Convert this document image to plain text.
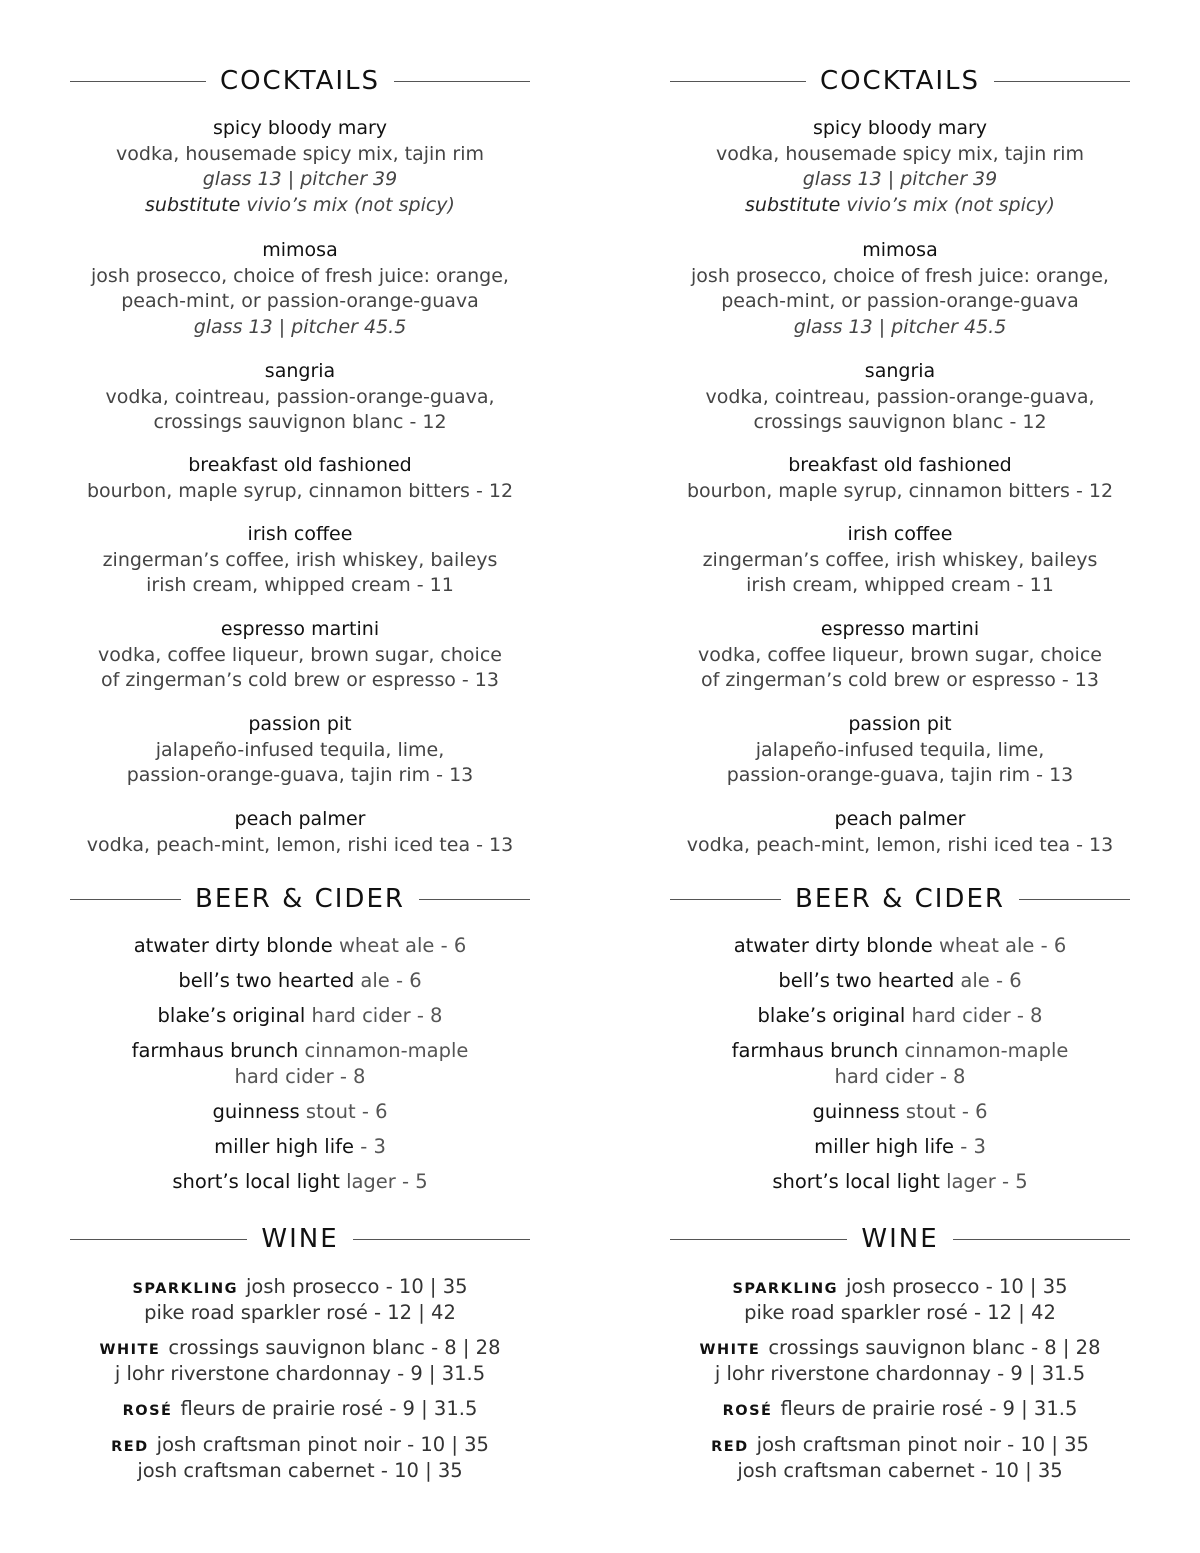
COCKTAILS
spicy bloody mary
vodka, housemade spicy mix, tajin rim
glass 13 | pitcher 39
substitute vivio’s mix (not spicy)
mimosa
josh prosecco, choice of fresh juice: orange,
peach-mint, or passion-orange-guava
glass 13 | pitcher 45.5
sangria
vodka, cointreau, passion-orange-guava,
crossings sauvignon blanc - 12
breakfast old fashioned
bourbon, maple syrup, cinnamon bitters - 12
irish coffee
zingerman’s coffee, irish whiskey, baileys
irish cream, whipped cream - 11
espresso martini
vodka, coffee liqueur, brown sugar, choice
of zingerman’s cold brew or espresso - 13
passion pit
jalapeño-infused tequila, lime,
passion-orange-guava, tajin rim - 13
peach palmer
vodka, peach-mint, lemon, rishi iced tea - 13
BEER & CIDER
atwater dirty blonde wheat ale - 6
bell’s two hearted ale - 6
blake’s original hard cider - 8
farmhaus brunch cinnamon-maple
hard cider - 8
guinness stout - 6
miller high life - 3
short’s local light lager - 5
WINE
SPARKLING josh prosecco - 10 | 35
pike road sparkler rosé - 12 | 42
WHITE crossings sauvignon blanc - 8 | 28
j lohr riverstone chardonnay - 9 | 31.5
ROSÉ fleurs de prairie rosé - 9 | 31.5
RED josh craftsman pinot noir - 10 | 35
josh craftsman cabernet - 10 | 35
COCKTAILS
spicy bloody mary
vodka, housemade spicy mix, tajin rim
glass 13 | pitcher 39
substitute vivio’s mix (not spicy)
mimosa
josh prosecco, choice of fresh juice: orange,
peach-mint, or passion-orange-guava
glass 13 | pitcher 45.5
sangria
vodka, cointreau, passion-orange-guava,
crossings sauvignon blanc - 12
breakfast old fashioned
bourbon, maple syrup, cinnamon bitters - 12
irish coffee
zingerman’s coffee, irish whiskey, baileys
irish cream, whipped cream - 11
espresso martini
vodka, coffee liqueur, brown sugar, choice
of zingerman’s cold brew or espresso - 13
passion pit
jalapeño-infused tequila, lime,
passion-orange-guava, tajin rim - 13
peach palmer
vodka, peach-mint, lemon, rishi iced tea - 13
BEER & CIDER
atwater dirty blonde wheat ale - 6
bell’s two hearted ale - 6
blake’s original hard cider - 8
farmhaus brunch cinnamon-maple
hard cider - 8
guinness stout - 6
miller high life - 3
short’s local light lager - 5
WINE
SPARKLING josh prosecco - 10 | 35
pike road sparkler rosé - 12 | 42
WHITE crossings sauvignon blanc - 8 | 28
j lohr riverstone chardonnay - 9 | 31.5
ROSÉ fleurs de prairie rosé - 9 | 31.5
RED josh craftsman pinot noir - 10 | 35
josh craftsman cabernet - 10 | 35
